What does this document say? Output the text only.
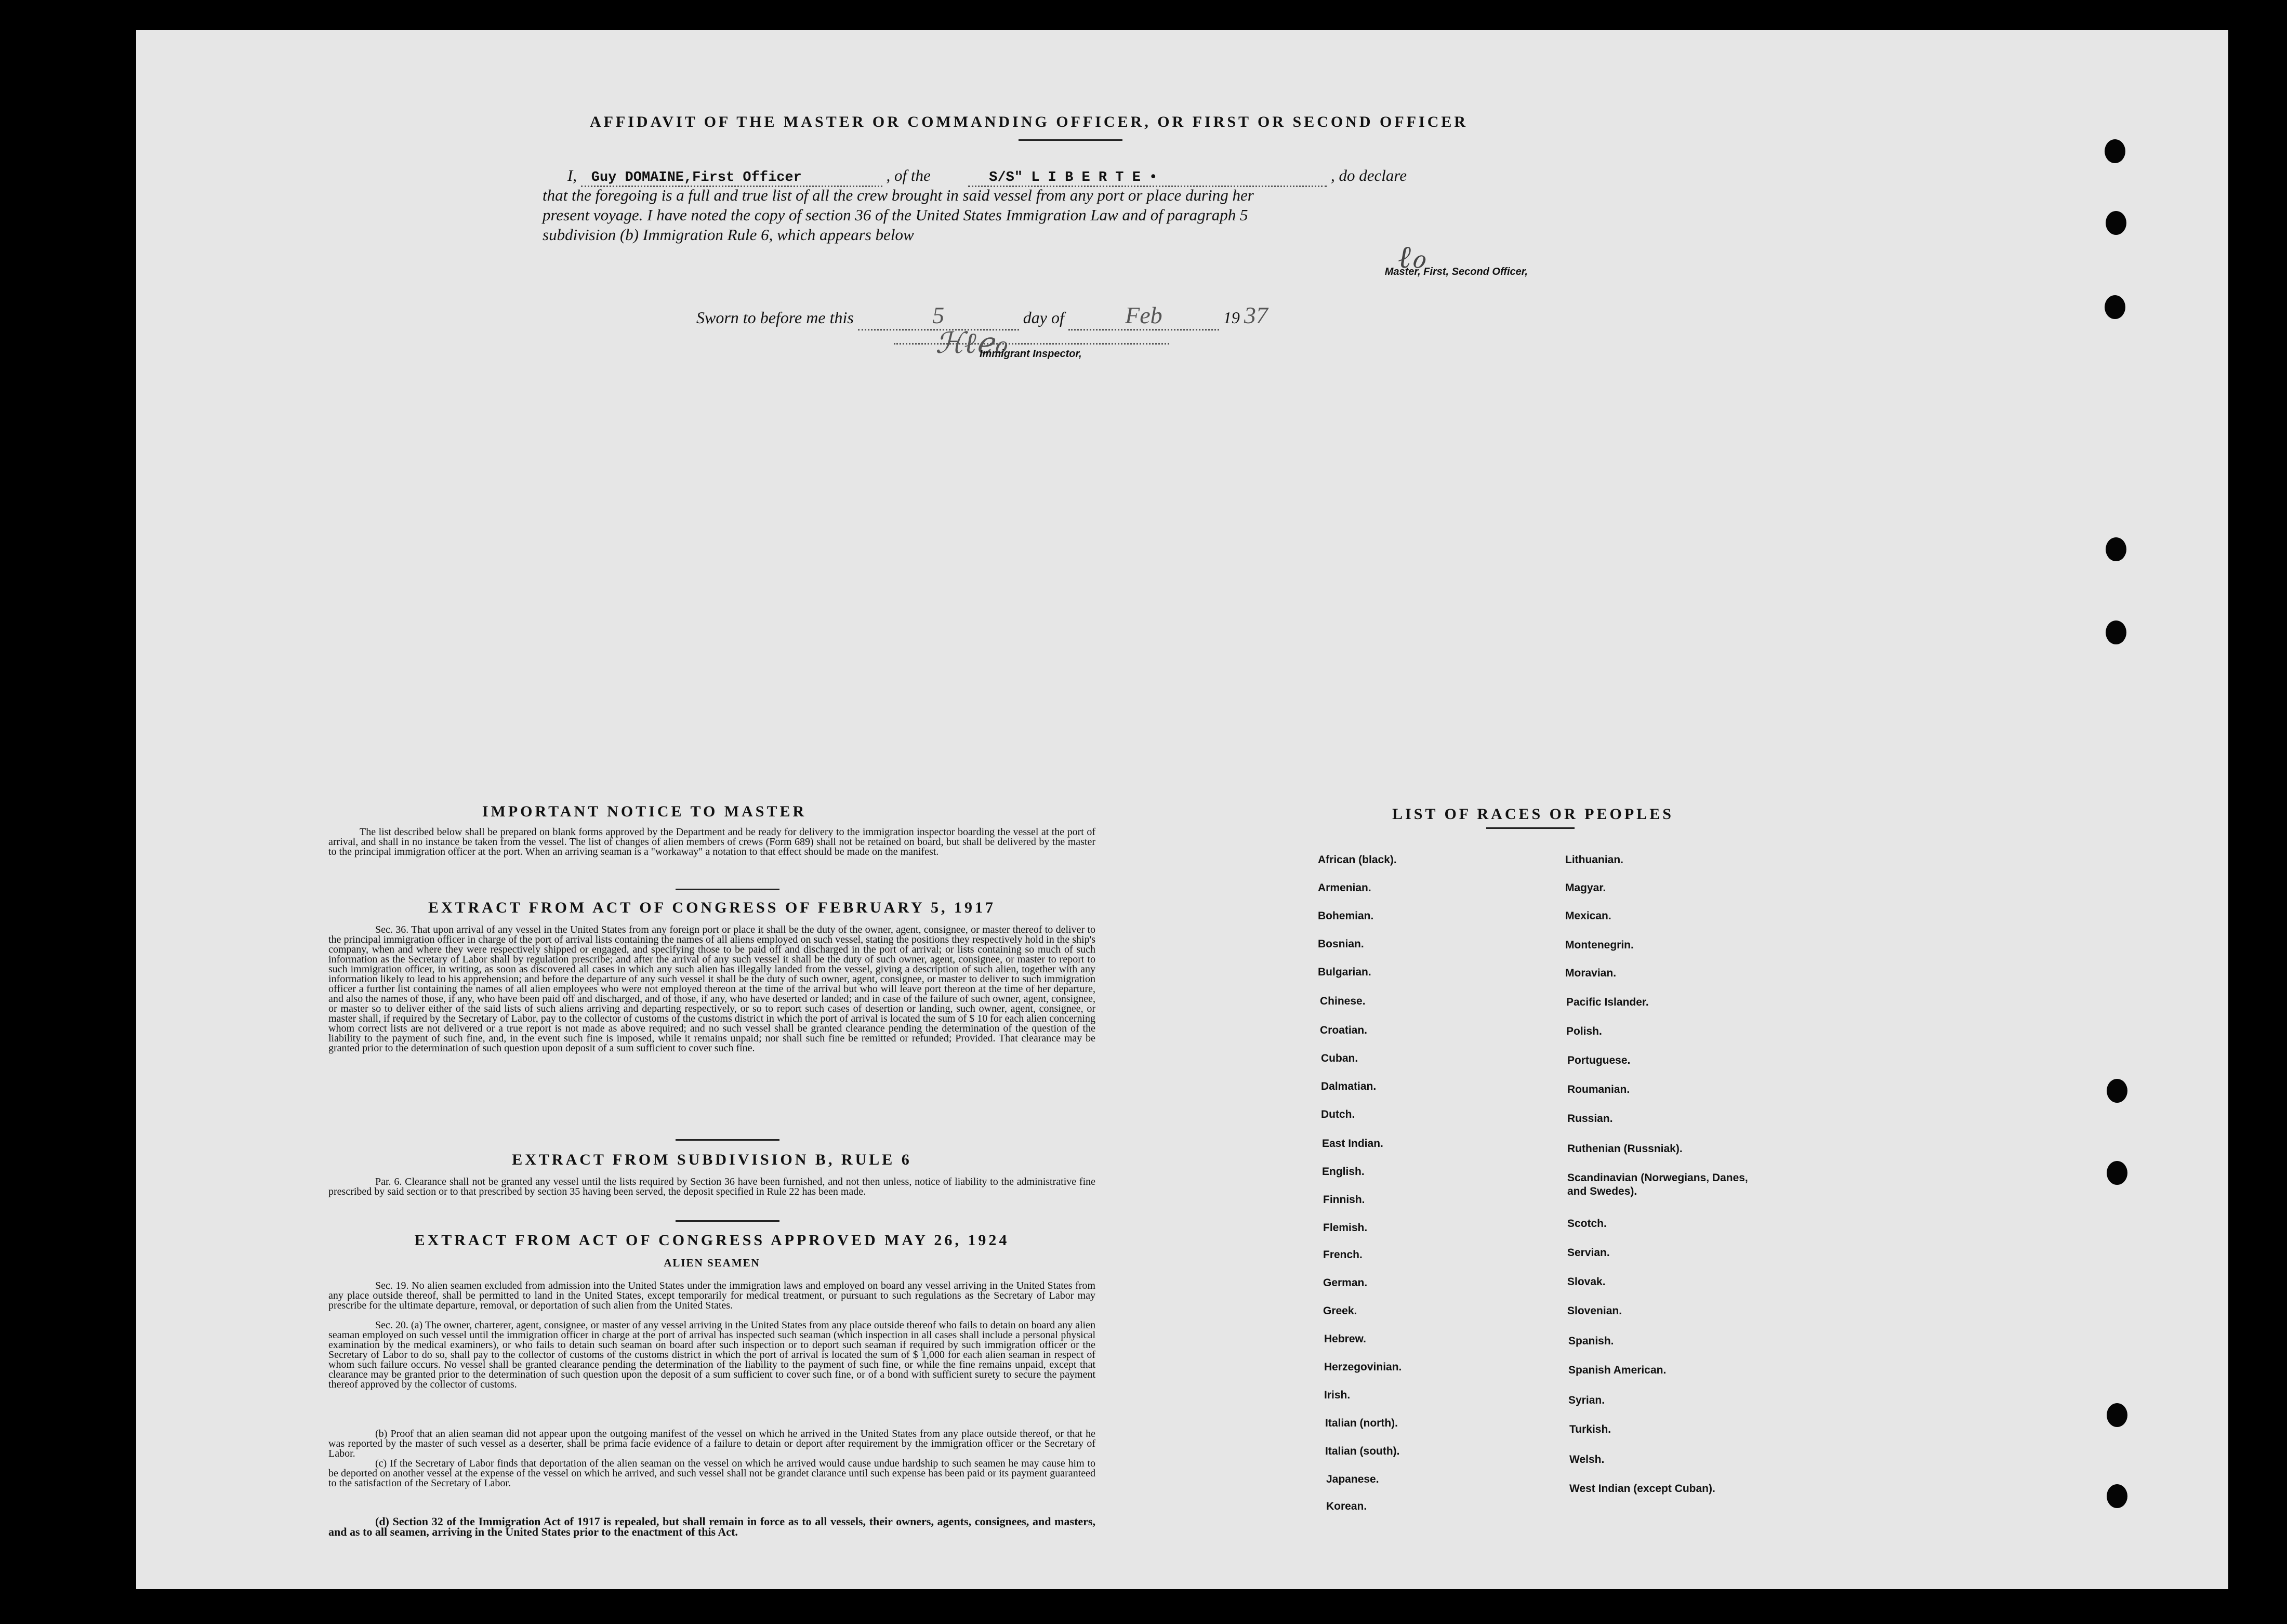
AFFIDAVIT OF THE MASTER OR COMMANDING OFFICER, OR FIRST OR SECOND OFFICER
I, Guy DOMAINE,First Officer	, of the	S/S" L I B E R T E •	, do declare
that the foregoing is a full and true list of all the crew brought in said vessel from any port or place during her
present voyage. I have noted the copy of section 36 of the United States Immigration Law and of paragraph 5
subdivision (b) Immigration Rule 6, which appears below
ℓℴ
Master, First, Second Officer,
Sworn to before me this	5	day of	Feb	19 37
ℋℓℯℴ
Immigrant Inspector,
IMPORTANT NOTICE TO MASTER
The list described below shall be prepared on blank forms approved by the Department and be ready for delivery to the immigration inspector boarding the vessel at the port of arrival, and shall in no instance be taken from the vessel. The list of changes of alien members of crews (Form 689) shall not be retained on board, but shall be delivered by the master to the principal immigration officer at the port. When an arriving seaman is a "workaway" a notation to that effect should be made on the manifest.
EXTRACT FROM ACT OF CONGRESS OF FEBRUARY 5, 1917
Sec. 36. That upon arrival of any vessel in the United States from any foreign port or place it shall be the duty of the owner, agent, consignee, or master thereof to deliver to the principal immigration officer in charge of the port of arrival lists containing the names of all aliens employed on such vessel, stating the positions they respectively hold in the ship's company, when and where they were respectively shipped or engaged, and specifying those to be paid off and discharged in the port of arrival; or lists containing so much of such information as the Secretary of Labor shall by regulation prescribe; and after the arrival of any such vessel it shall be the duty of such owner, agent, consignee, or master to report to such immigration officer, in writing, as soon as discovered all cases in which any such alien has illegally landed from the vessel, giving a description of such alien, together with any information likely to lead to his apprehension; and before the departure of any such vessel it shall be the duty of such owner, agent, consignee, or master to deliver to such immigration officer a further list containing the names of all alien employees who were not employed thereon at the time of the arrival but who will leave port thereon at the time of her departure, and also the names of those, if any, who have been paid off and discharged, and of those, if any, who have deserted or landed; and in case of the failure of such owner, agent, consignee, or master so to deliver either of the said lists of such aliens arriving and departing respectively, or so to report such cases of desertion or landing, such owner, agent, consignee, or master shall, if required by the Secretary of Labor, pay to the collector of customs of the customs district in which the port of arrival is located the sum of $ 10 for each alien concerning whom correct lists are not delivered or a true report is not made as above required; and no such vessel shall be granted clearance pending the determination of the question of the liability to the payment of such fine, and, in the event such fine is imposed, while it remains unpaid; nor shall such fine be remitted or refunded; Provided. That clearance may be granted prior to the determination of such question upon deposit of a sum sufficient to cover such fine.
EXTRACT FROM SUBDIVISION B, RULE 6
Par. 6. Clearance shall not be granted any vessel until the lists required by Section 36 have been furnished, and not then unless, notice of liability to the administrative fine prescribed by said section or to that prescribed by section 35 having been served, the deposit specified in Rule 22 has been made.
EXTRACT FROM ACT OF CONGRESS APPROVED MAY 26, 1924
ALIEN SEAMEN
Sec. 19. No alien seamen excluded from admission into the United States under the immigration laws and employed on board any vessel arriving in the United States from any place outside thereof, shall be permitted to land in the United States, except temporarily for medical treatment, or pursuant to such regulations as the Secretary of Labor may prescribe for the ultimate departure, removal, or deportation of such alien from the United States.
Sec. 20. (a) The owner, charterer, agent, consignee, or master of any vessel arriving in the United States from any place outside thereof who fails to detain on board any alien seaman employed on such vessel until the immigration officer in charge at the port of arrival has inspected such seaman (which inspection in all cases shall include a personal physical examination by the medical examiners), or who fails to detain such seaman on board after such inspection or to deport such seaman if required by such immigration officer or the Secretary of Labor to do so, shall pay to the collector of customs of the customs district in which the port of arrival is located the sum of $ 1,000 for each alien seaman in respect of whom such failure occurs. No vessel shall be granted clearance pending the determination of the liability to the payment of such fine, or while the fine remains unpaid, except that clearance may be granted prior to the determination of such question upon the deposit of a sum sufficient to cover such fine, or of a bond with sufficient surety to secure the payment thereof approved by the collector of customs.
(b) Proof that an alien seaman did not appear upon the outgoing manifest of the vessel on which he arrived in the United States from any place outside thereof, or that he was reported by the master of such vessel as a deserter, shall be prima facie evidence of a failure to detain or deport after requirement by the immigration officer or the Secretary of Labor.
(c) If the Secretary of Labor finds that deportation of the alien seaman on the vessel on which he arrived would cause undue hardship to such seamen he may cause him to be deported on another vessel at the expense of the vessel on which he arrived, and such vessel shall not be grandet clarance until such expense has been paid or its payment guaranteed to the satisfaction of the Secretary of Labor.
(d) Section 32 of the Immigration Act of 1917 is repealed, but shall remain in force as to all vessels, their owners, agents, consignees, and masters, and as to all seamen, arriving in the United States prior to the enactment of this Act.
LIST OF RACES OR PEOPLES
African (black).
Armenian.
Bohemian.
Bosnian.
Bulgarian.
Chinese.
Croatian.
Cuban.
Dalmatian.
Dutch.
East Indian.
English.
Finnish.
Flemish.
French.
German.
Greek.
Hebrew.
Herzegovinian.
Irish.
Italian (north).
Italian (south).
Japanese.
Korean.
Lithuanian.
Magyar.
Mexican.
Montenegrin.
Moravian.
Pacific Islander.
Polish.
Portuguese.
Roumanian.
Russian.
Ruthenian (Russniak).
Scandinavian (Norwegians, Danes, and Swedes).
Scotch.
Servian.
Slovak.
Slovenian.
Spanish.
Spanish American.
Syrian.
Turkish.
Welsh.
West Indian (except Cuban).
